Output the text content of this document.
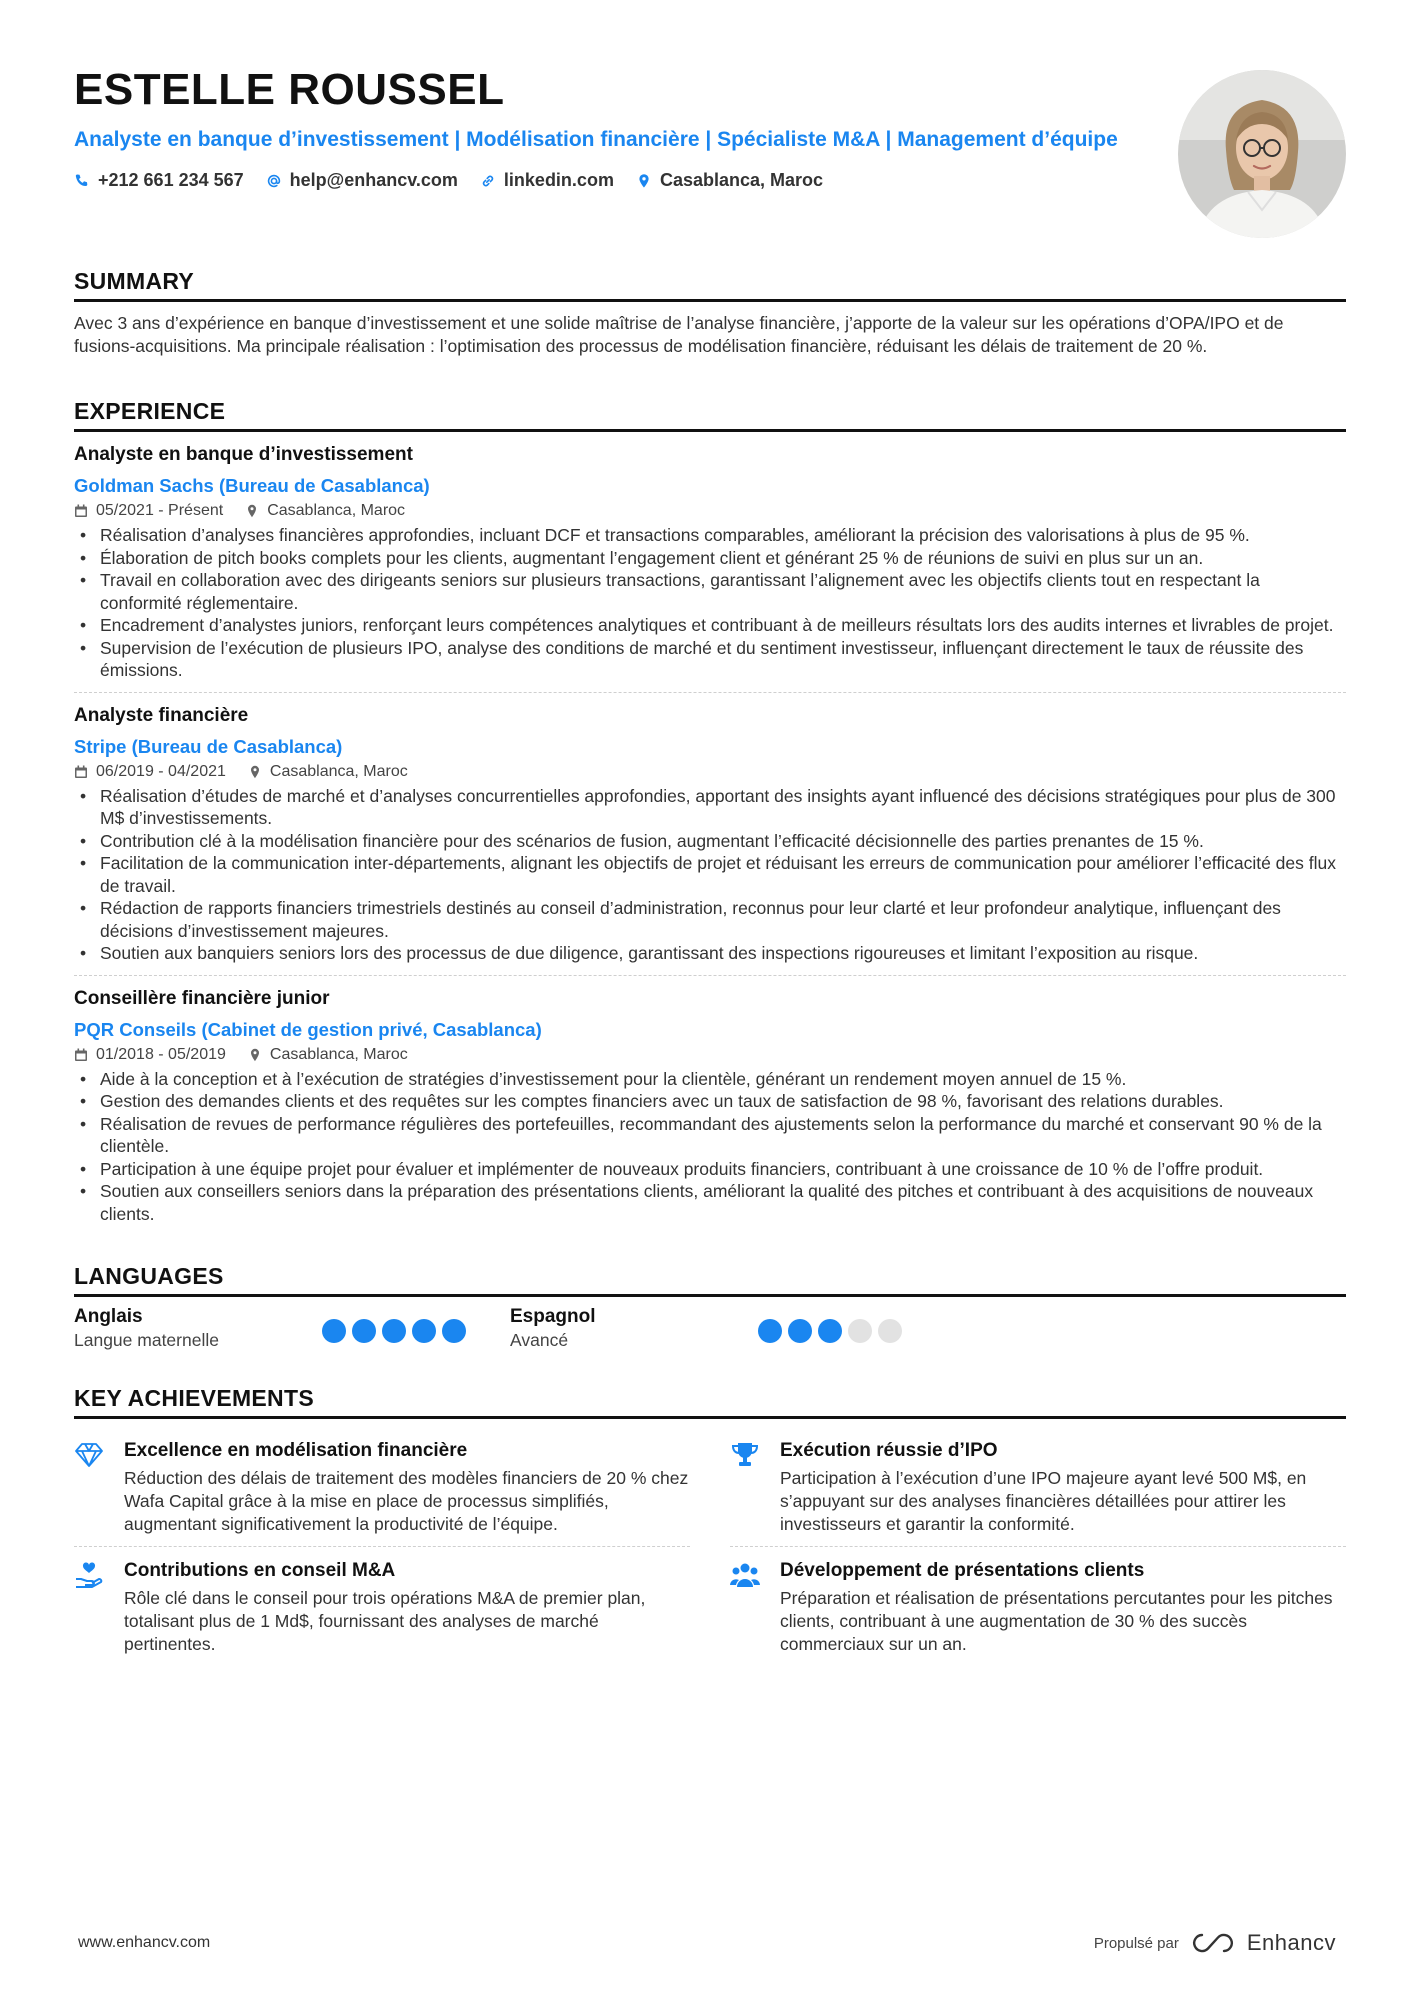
ESTELLE ROUSSEL
Analyste en banque d’investissement | Modélisation financière | Spécialiste M&A | Management d’équipe
+212 661 234 567	help@enhancv.com	linkedin.com	Casablanca, Maroc
SUMMARY
Avec 3 ans d’expérience en banque d’investissement et une solide maîtrise de l’analyse financière, j’apporte de la valeur sur les opérations d’OPA/IPO et de fusions-acquisitions. Ma principale réalisation : l’optimisation des processus de modélisation financière, réduisant les délais de traitement de 20 %.
EXPERIENCE
Analyste en banque d’investissement
Goldman Sachs (Bureau de Casablanca)
05/2021 - Présent	Casablanca, Maroc
• Réalisation d’analyses financières approfondies, incluant DCF et transactions comparables, améliorant la précision des valorisations à plus de 95 %.
• Élaboration de pitch books complets pour les clients, augmentant l’engagement client et générant 25 % de réunions de suivi en plus sur un an.
• Travail en collaboration avec des dirigeants seniors sur plusieurs transactions, garantissant l’alignement avec les objectifs clients tout en respectant la conformité réglementaire.
• Encadrement d’analystes juniors, renforçant leurs compétences analytiques et contribuant à de meilleurs résultats lors des audits internes et livrables de projet.
• Supervision de l’exécution de plusieurs IPO, analyse des conditions de marché et du sentiment investisseur, influençant directement le taux de réussite des émissions.
Analyste financière
Stripe (Bureau de Casablanca)
06/2019 - 04/2021	Casablanca, Maroc
• Réalisation d’études de marché et d’analyses concurrentielles approfondies, apportant des insights ayant influencé des décisions stratégiques pour plus de 300 M$ d’investissements.
• Contribution clé à la modélisation financière pour des scénarios de fusion, augmentant l’efficacité décisionnelle des parties prenantes de 15 %.
• Facilitation de la communication inter-départements, alignant les objectifs de projet et réduisant les erreurs de communication pour améliorer l’efficacité des flux de travail.
• Rédaction de rapports financiers trimestriels destinés au conseil d’administration, reconnus pour leur clarté et leur profondeur analytique, influençant des décisions d’investissement majeures.
• Soutien aux banquiers seniors lors des processus de due diligence, garantissant des inspections rigoureuses et limitant l’exposition au risque.
Conseillère financière junior
PQR Conseils (Cabinet de gestion privé, Casablanca)
01/2018 - 05/2019	Casablanca, Maroc
• Aide à la conception et à l’exécution de stratégies d’investissement pour la clientèle, générant un rendement moyen annuel de 15 %.
• Gestion des demandes clients et des requêtes sur les comptes financiers avec un taux de satisfaction de 98 %, favorisant des relations durables.
• Réalisation de revues de performance régulières des portefeuilles, recommandant des ajustements selon la performance du marché et conservant 90 % de la clientèle.
• Participation à une équipe projet pour évaluer et implémenter de nouveaux produits financiers, contribuant à une croissance de 10 % de l’offre produit.
• Soutien aux conseillers seniors dans la préparation des présentations clients, améliorant la qualité des pitches et contribuant à des acquisitions de nouveaux clients.
LANGUAGES
Anglais
Langue maternelle
Espagnol
Avancé
KEY ACHIEVEMENTS
Excellence en modélisation financière
Réduction des délais de traitement des modèles financiers de 20 % chez Wafa Capital grâce à la mise en place de processus simplifiés, augmentant significativement la productivité de l’équipe.
Exécution réussie d’IPO
Participation à l’exécution d’une IPO majeure ayant levé 500 M$, en s’appuyant sur des analyses financières détaillées pour attirer les investisseurs et garantir la conformité.
Contributions en conseil M&A
Rôle clé dans le conseil pour trois opérations M&A de premier plan, totalisant plus de 1 Md$, fournissant des analyses de marché pertinentes.
Développement de présentations clients
Préparation et réalisation de présentations percutantes pour les pitches clients, contribuant à une augmentation de 30 % des succès commerciaux sur un an.
www.enhancv.com	Propulsé par	Enhancv
